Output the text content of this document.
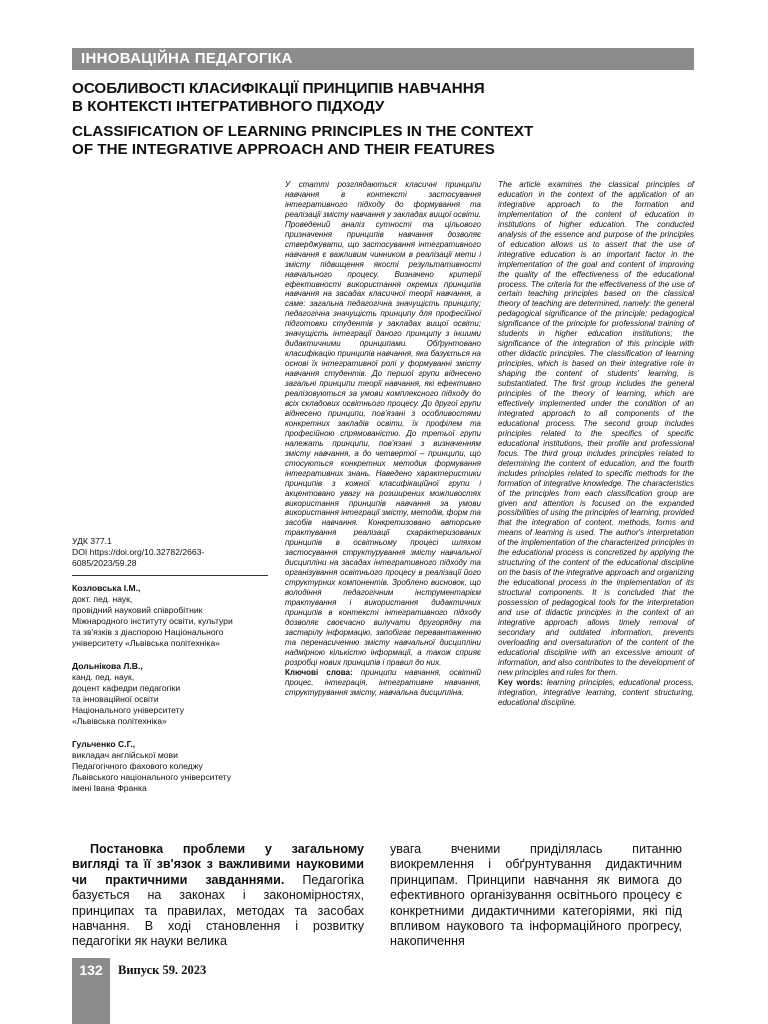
ІННОВАЦІЙНА ПЕДАГОГІКА
ОСОБЛИВОСТІ КЛАСИФІКАЦІЇ ПРИНЦИПІВ НАВЧАННЯ
В КОНТЕКСТІ ІНТЕГРАТИВНОГО ПІДХОДУ
CLASSIFICATION OF LEARNING PRINCIPLES IN THE CONTEXT
OF THE INTEGRATIVE APPROACH AND THEIR FEATURES

У статті розглядаються класичні принципи навчання в контексті застосування інтегративного підходу до формування та реалізації змісту навчання у закладах вищої освіти. Проведений аналіз сутності та цільового призначення принципів навчання дозволяє стверджувати, що застосування інтегративного навчання є важливим чинником в реалізації мети і змісту підвищення якості результативності навчального процесу. Визначено критерії ефективності використання окремих принципів навчання на засадах класичної теорії навчання, а саме: загальна педагогічна значущість принципу; педагогічна значущість принципу для професійної підготовки студентів у закладах вищої освіти; значущість інтеграції даного принципу з іншими дидактичними принципами. Обґрунтовано класифікацію принципів навчання, яка базується на основі їх інтегративної ролі у формуванні змісту навчання студентів. До першої групи віднесено загальні принципи теорії навчання, які ефективно реалізовуються за умови комплексного підходу до всіх складових освітнього процесу. До другої групи віднесено принципи, пов'язані з особливостями конкретних закладів освіти, їх профілем та професійною спрямованістю. До третьої групи належать принципи, пов'язані з визначенням змісту навчання, а до четвертої – принципи, що стосуються конкретних методик формування інтегративних знань. Наведено характеристики принципів з кожної класифікаційної групи і акцентовано увагу на розширених можливостях використання принципів навчання за умови використання інтеграції змісту, методів, форм та засобів навчання. Конкретизовано авторське трактування реалізації схарактеризованих принципів в освітньому процесі шляхом застосування структурування змісту навчальної дисципліни на засадах інтегративного підходу та організування освітнього процесу в реалізації його структурних компонентів. Зроблено висновок, що володіння педагогічним інструментарієм трактування і використання дидактичних принципів в контексті інтегративного підходу дозволяє своєчасно вилучати другорядну та застарілу інформацію, запобігає перевантаженню та перенасиченню змісту навчальної дисципліни надмірною кількістю інформації, а також сприяє розробці нових принципів і правил до них.

Ключові слова: принципи навчання, освітній процес, інтеграція, інтегративне навчання, структурування змісту, навчальна дисципліна.

The article examines the classical principles of education in the context of the application of an integrative approach to the formation and implementation of the content of education in institutions of higher education. The conducted analysis of the essence and purpose of the principles of education allows us to assert that the use of integrative education is an important factor in the implementation of the goal and content of improving the quality of the effectiveness of the educational process. The criteria for the effectiveness of the use of certain teaching principles based on the classical theory of teaching are determined, namely: the general pedagogical significance of the principle; pedagogical significance of the principle for professional training of students in higher education institutions; the significance of the integration of this principle with other didactic principles. The classification of learning principles, which is based on their integrative role in shaping the content of students' learning, is substantiated. The first group includes the general principles of the theory of learning, which are effectively implemented under the condition of an integrated approach to all components of the educational process. The second group includes principles related to the specifics of specific educational institutions, their profile and professional focus. The third group includes principles related to determining the content of education, and the fourth includes principles related to specific methods for the formation of integrative knowledge. The characteristics of the principles from each classification group are given and attention is focused on the expanded possibilities of using the principles of learning, provided that the integration of content, methods, forms and means of learning is used. The author's interpretation of the implementation of the characterized principles in the educational process is concretized by applying the structuring of the content of the educational discipline on the basis of the integrative approach and organizing the educational process in the implementation of its structural components. It is concluded that the possession of pedagogical tools for the interpretation and use of didactic principles in the context of an integrative approach allows timely removal of secondary and outdated information, prevents overloading and oversaturation of the content of the educational discipline with an excessive amount of information, and also contributes to the development of new principles and rules for them.

Key words: learning principles, educational process, integration, integrative learning, content structuring, educational discipline.

УДК 377.1
DOI https://doi.org/10.32782/2663-6085/2023/59.28
Козловська І.М.,
докт. пед. наук,
провідний науковий співробітник
Міжнародного інституту освіти, культури
та зв'язків з діаспорою Національного
університету «Львівська політехніка»
Дольнікова Л.В.,
канд. пед. наук,
доцент кафедри педагогіки
та інноваційної освіти
Національного університету
«Львівська політехніка»
Гульченко С.Г.,
викладач англійської мови
Педагогічного фахового коледжу
Львівського національного університету
імені Івана Франка

Постановка проблеми у загальному вигляді та її зв'язок з важливими науковими чи практичними завданнями. Педагогіка базується на законах і закономірностях, принципах та правилах, методах та засобах навчання. В ході становлення і розвитку педагогіки як науки велика

увага вченими приділялась питанню виокремлення і обґрунтування дидактичним принципам. Принципи навчання як вимога до ефективного організування освітнього процесу є конкретними дидактичними категоріями, які під впливом наукового та інформаційного прогресу, накопичення

132	Випуск 59. 2023
